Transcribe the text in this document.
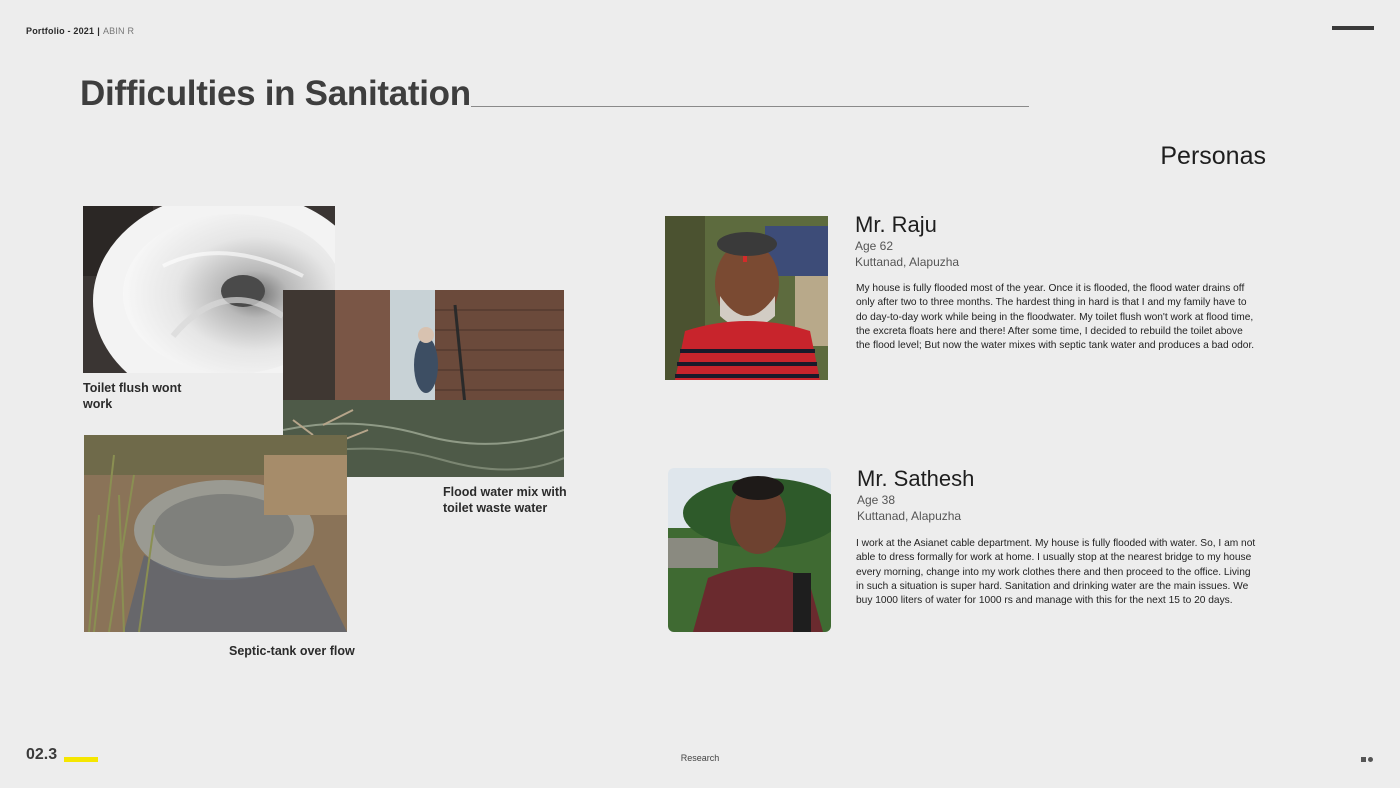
Portfolio - 2021 | ABIN R
Difficulties in Sanitation
Personas
Toilet flush wont work
Flood water mix with toilet waste water
Septic-tank over flow
Mr. Raju
Age 62
Kuttanad, Alapuzha
My house is fully flooded most of the year. Once it is flooded, the flood water drains off only after two to three months. The hardest thing in hard is that I and my family have to do day-to-day work while being in the floodwater. My toilet flush won't work at flood time, the excreta floats here and there! After some time, I decided to rebuild the toilet above the flood level; But now the water mixes with septic tank water and produces a bad odor.
Mr. Sathesh
Age 38
Kuttanad, Alapuzha
I work at the Asianet cable department. My house is fully flooded with water. So, I am not able to dress formally for work at home. I usually stop at the nearest bridge to my house every morning, change into my work clothes there and then proceed to the office. Living in such a situation is super hard. Sanitation and drinking water are the main issues. We buy 1000 liters of water for 1000 rs and manage with this for the next 15 to 20 days.
02.3	Research
